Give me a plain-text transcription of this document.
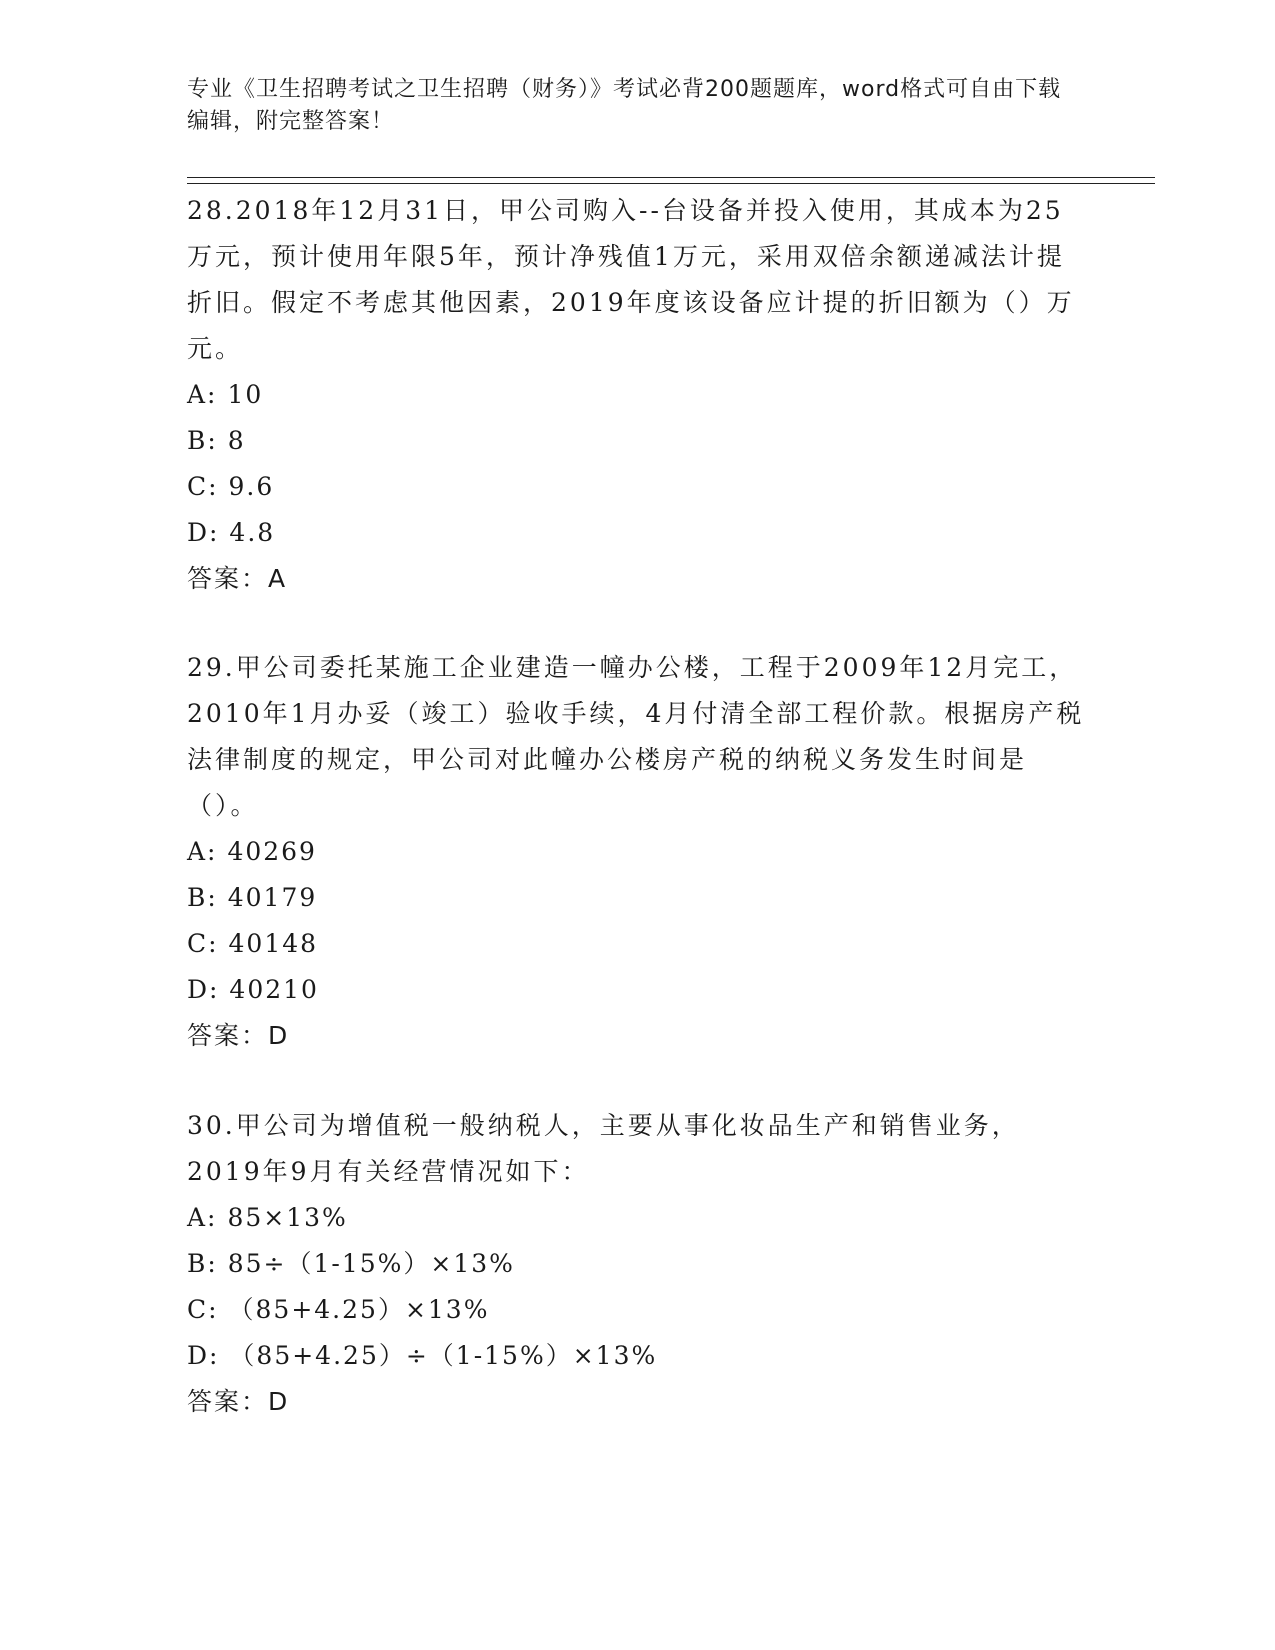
专业《卫生招聘考试之卫生招聘（财务）》考试必背200题题库，word格式可自由下载编辑，附完整答案！
28.2018年12月31日，甲公司购入--台设备并投入使用，其成本为25万元，预计使用年限5年，预计净残值1万元，采用双倍余额递减法计提折旧。假定不考虑其他因素，2019年度该设备应计提的折旧额为（）万元。
A: 10
B: 8
C: 9.6
D: 4.8
答案：A
29.甲公司委托某施工企业建造一幢办公楼，工程于2009年12月完工，2010年1月办妥（竣工）验收手续，4月付清全部工程价款。根据房产税法律制度的规定，甲公司对此幢办公楼房产税的纳税义务发生时间是（）。
A: 40269
B: 40179
C: 40148
D: 40210
答案：D
30.甲公司为增值税一般纳税人，主要从事化妆品生产和销售业务，2019年9月有关经营情况如下：
A: 85×13%
B: 85÷（1-15%）×13%
C: （85+4.25）×13%
D: （85+4.25）÷（1-15%）×13%
答案：D
